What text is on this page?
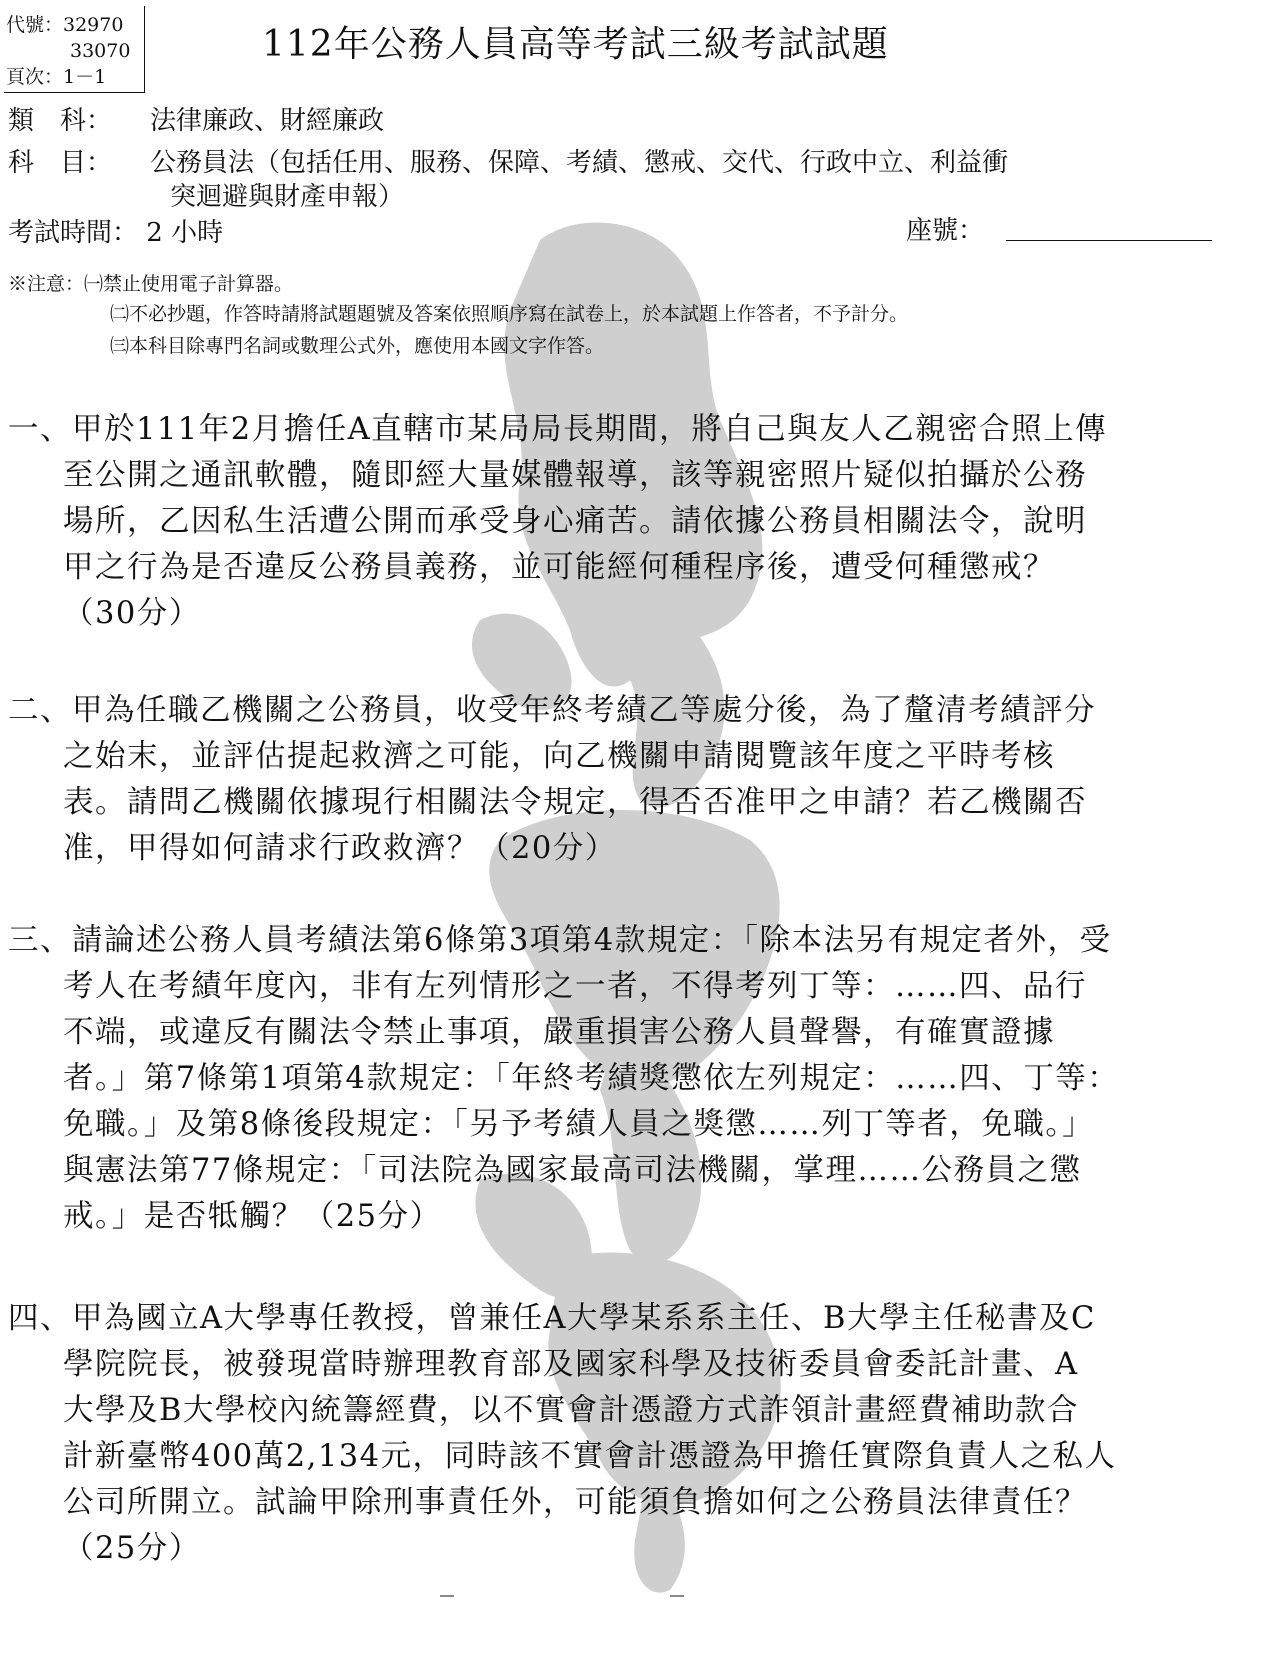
代號：32970
33070
頁次：1－1
112年公務人員高等考試三級考試試題
類　科： 法律廉政、財經廉政
科　目： 公務員法（包括任用、服務、保障、考績、懲戒、交代、行政中立、利益衝
突迴避與財產申報）
考試時間： 2 小時	座號：
※注意：㈠禁止使用電子計算器。
㈡不必抄題，作答時請將試題題號及答案依照順序寫在試卷上，於本試題上作答者，不予計分。
㈢本科目除專門名詞或數理公式外，應使用本國文字作答。
一、甲於111年2月擔任A直轄市某局局長期間，將自己與友人乙親密合照上傳
至公開之通訊軟體，隨即經大量媒體報導，該等親密照片疑似拍攝於公務
場所，乙因私生活遭公開而承受身心痛苦。請依據公務員相關法令，說明
甲之行為是否違反公務員義務，並可能經何種程序後，遭受何種懲戒？
（30分）
二、甲為任職乙機關之公務員，收受年終考績乙等處分後，為了釐清考績評分
之始末，並評估提起救濟之可能，向乙機關申請閱覽該年度之平時考核
表。請問乙機關依據現行相關法令規定，得否否准甲之申請？若乙機關否
准，甲得如何請求行政救濟？（20分）
三、請論述公務人員考績法第6條第3項第4款規定：「除本法另有規定者外，受
考人在考績年度內，非有左列情形之一者，不得考列丁等：……四、品行
不端，或違反有關法令禁止事項，嚴重損害公務人員聲譽，有確實證據
者。」第7條第1項第4款規定：「年終考績獎懲依左列規定：……四、丁等：
免職。」及第8條後段規定：「另予考績人員之獎懲……列丁等者，免職。」
與憲法第77條規定：「司法院為國家最高司法機關，掌理……公務員之懲
戒。」是否牴觸？（25分）
四、甲為國立A大學專任教授，曾兼任A大學某系系主任、B大學主任秘書及C
學院院長，被發現當時辦理教育部及國家科學及技術委員會委託計畫、A
大學及B大學校內統籌經費，以不實會計憑證方式詐領計畫經費補助款合
計新臺幣400萬2,134元，同時該不實會計憑證為甲擔任實際負責人之私人
公司所開立。試論甲除刑事責任外，可能須負擔如何之公務員法律責任？
（25分）
